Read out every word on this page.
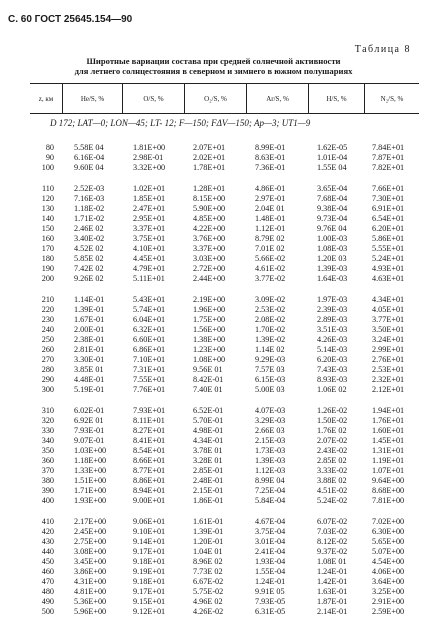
С. 60 ГОСТ 25645.154—90
Таблица 8
Широтные вариации состава при средней солнечной активности
для летнего солнцестояния в северном и зимнего в южном полушариях
z, км	He/S, %	O/S, %	O₂/S, %	Ar/S, %	H/S, %	N₂/S, %
D 172; LAT—0; LON—45; LT- 12; F—150; FΔV—150; Ap—3; UT1—9
80 5.58E 04	1.81E+00	2.07E+01	8.99E-01	1.62E-05	7.84E+01
90 6.16E-04	2.98E-01	2.02E+01	8.63E-01	1.01E-04	7.87E+01
100 9.60E 04	3.32E+00	1.78E+01	7.36E-01	1.55E 04	7.82E+01
110 2.52E-03	1.02E+01	1.28E+01	4.86E-01	3.65E-04	7.66E+01
120 7.16E-03	1.85E+01	8.15E+00	2.97E-01	7.68E-04	7.30E+01
130 1.18E-02	2.47E+01	5.90E+00	2.04E 01	9.38E-04	6.91E+01
140 1.71E-02	2.95E+01	4.85E+00	1.48E-01	9.73E-04	6.54E+01
150 2.46E 02	3.37E+01	4.22E+00	1.12E-01	9.76E 04	6.20E+01
160 3.40E-02	3.75E+01	3.76E+00	8.79E 02	1.00E-03	5.86E+01
170 4.52E 02	4.10E+01	3.37E+00	7.01E 02	1.08E-03	5.55E+01
180 5.85E 02	4.45E+01	3.03E+00	5.66E-02	1.20E 03	5.24E+01
190 7.42E 02	4.79E+01	2.72E+00	4.61E-02	1.39E-03	4.93E+01
200 9.26E 02	5.11E+01	2.44E+00	3.77E-02	1.64E-03	4.63E+01
210 1.14E-01	5.43E+01	2.19E+00	3.09E-02	1.97E-03	4.34E+01
220 1.39E-01	5.74E+01	1.96E+00	2.53E-02	2.39E-03	4.05E+01
230 1.67E-01	6.04E+01	1.75E+00	2.08E-02	2.89E-03	3.77E+01
240 2.00E-01	6.32E+01	1.56E+00	1.70E-02	3.51E-03	3.50E+01
250 2.38E-01	6.60E+01	1.38E+00	1.39E-02	4.26E-03	3.24E+01
260 2.81E-01	6.86E+01	1.23E+00	1.14E 02	5.14E-03	2.99E+01
270 3.30E-01	7.10E+01	1.08E+00	9.29E-03	6.20E-03	2.76E+01
280 3.85E 01	7.31E+01	9.56E 01	7.57E 03	7.43E-03	2.53E+01
290 4.48E-01	7.55E+01	8.42E-01	6.15E-03	8.93E-03	2.32E+01
300 5.19E-01	7.76E+01	7.40E 01	5.00E 03	1.06E 02	2.12E+01
310 6.02E-01	7.93E+01	6.52E-01	4.07E-03	1.26E-02	1.94E+01
320 6.92E 01	8.11E+01	5.70E-01	3.29E-03	1.50E-02	1.76E+01
330 7.93E-01	8.27E+01	4.98E-01	2.66E 03	1.76E 02	1.60E+01
340 9.07E-01	8.41E+01	4.34E-01	2.15E-03	2.07E-02	1.45E+01
350 1.03E+00	8.54E+01	3.78E 01	1.73E-03	2.43E-02	1.31E+01
360 1.18E+00	8.66E+01	3.28E 01	1.39E-03	2.85E 02	1.19E+01
370 1.33E+00	8.77E+01	2.85E-01	1.12E-03	3.33E-02	1.07E+01
380 1.51E+00	8.86E+01	2.48E-01	8.99E 04	3.88E 02	9.64E+00
390 1.71E+00	8.94E+01	2.15E-01	7.25E-04	4.51E-02	8.68E+00
400 1.93E+00	9.00E+01	1.86E-01	5.84E-04	5.24E-02	7.81E+00
410 2.17E+00	9.06E+01	1.61E-01	4.67E-04	6.07E-02	7.02E+00
420 2.45E+00	9.10E+01	1.39E-01	3.75E-04	7.03E-02	6.30E+00
430 2.75E+00	9.14E+01	1.20E-01	3.01E-04	8.12E-02	5.65E+00
440 3.08E+00	9.17E+01	1.04E 01	2.41E-04	9.37E-02	5.07E+00
450 3.45E+00	9.18E+01	8.96E 02	1.93E-04	1.08E 01	4.54E+00
460 3.86E+00	9.19E+01	7.73E 02	1.55E-04	1.24E-01	4.06E+00
470 4.31E+00	9.18E+01	6.67E-02	1.24E-01	1.42E-01	3.64E+00
480 4.81E+00	9.17E+01	5.75E-02	9.91E 05	1.63E-01	3.25E+00
490 5.36E+00	9.15E+01	4.96E 02	7.93E-05	1.87E-01	2.91E+00
500 5.96E+00	9.12E+01	4.26E-02	6.31E-05	2.14E-01	2.59E+00
